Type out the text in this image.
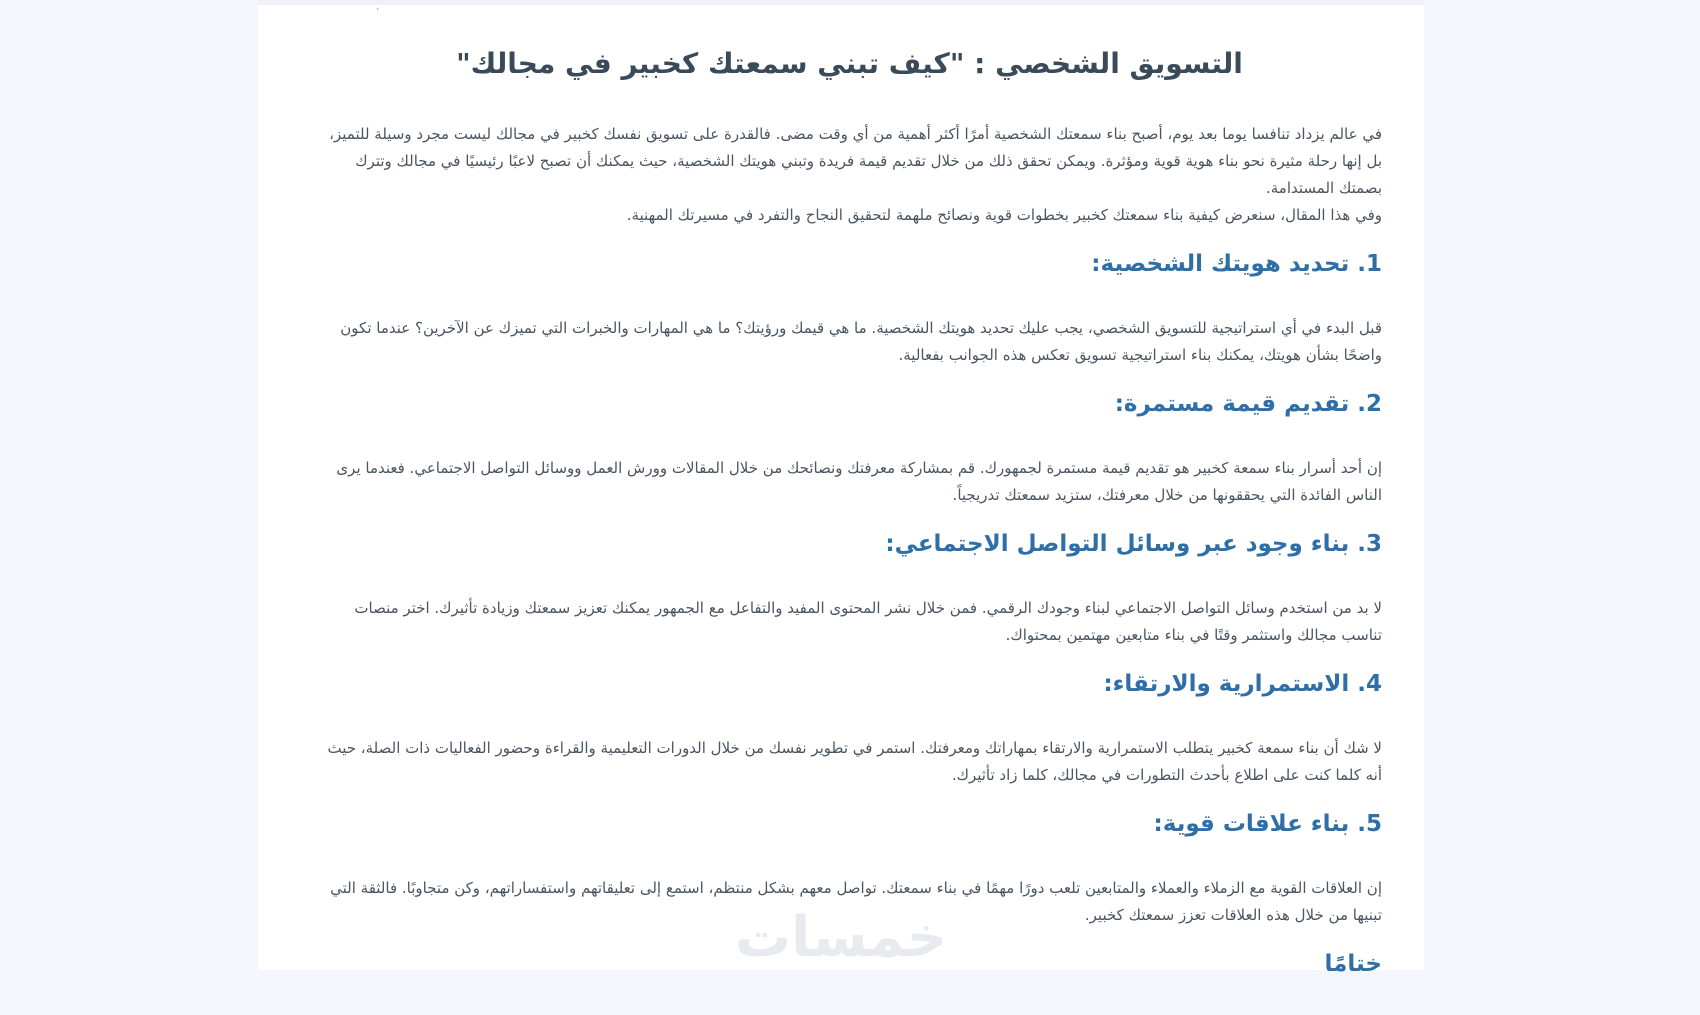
،
التسويق الشخصي : "كيف تبني سمعتك كخبير في مجالك"

في عالم يزداد تنافسا يوما بعد يوم، أصبح بناء سمعتك الشخصية أمرًا أكثر أهمية من أي وقت مضى. فالقدرة على تسويق نفسك كخبير في مجالك ليست مجرد وسيلة للتميز، بل إنها رحلة مثيرة نحو بناء هوية قوية ومؤثرة. ويمكن تحقق ذلك من خلال تقديم قيمة فريدة وتبني هويتك الشخصية، حيث يمكنك أن تصبح لاعبًا رئيسيًا في مجالك وتترك بصمتك المستدامة.

وفي هذا المقال، سنعرض كيفية بناء سمعتك كخبير بخطوات قوية ونصائح ملهمة لتحقيق النجاح والتفرد في مسيرتك المهنية.

1. تحديد هويتك الشخصية:

قبل البدء في أي استراتيجية للتسويق الشخصي، يجب عليك تحديد هويتك الشخصية. ما هي قيمك ورؤيتك؟ ما هي المهارات والخبرات التي تميزك عن الآخرين؟ عندما تكون واضحًا بشأن هويتك، يمكنك بناء استراتيجية تسويق تعكس هذه الجوانب بفعالية.

2. تقديم قيمة مستمرة:

إن أحد أسرار بناء سمعة كخبير هو تقديم قيمة مستمرة لجمهورك. قم بمشاركة معرفتك ونصائحك من خلال المقالات وورش العمل ووسائل التواصل الاجتماعي. فعندما يرى الناس الفائدة التي يحققونها من خلال معرفتك، ستزيد سمعتك تدريجياً.

3. بناء وجود عبر وسائل التواصل الاجتماعي:

لا بد من استخدم وسائل التواصل الاجتماعي لبناء وجودك الرقمي. فمن خلال نشر المحتوى المفيد والتفاعل مع الجمهور يمكنك تعزيز سمعتك وزيادة تأثيرك. اختر منصات تناسب مجالك واستثمر وقتًا في بناء متابعين مهتمين بمحتواك.

4. الاستمرارية والارتقاء:

لا شك أن بناء سمعة كخبير يتطلب الاستمرارية والارتقاء بمهاراتك ومعرفتك. استمر في تطوير نفسك من خلال الدورات التعليمية والقراءة وحضور الفعاليات ذات الصلة، حيث أنه كلما كنت على اطلاع بأحدث التطورات في مجالك، كلما زاد تأثيرك.

5. بناء علاقات قوية:

إن العلاقات القوية مع الزملاء والعملاء والمتابعين تلعب دورًا مهمًا في بناء سمعتك. تواصل معهم بشكل منتظم، استمع إلى تعليقاتهم واستفساراتهم، وكن متجاوبًا. فالثقة التي تبنيها من خلال هذه العلاقات تعزز سمعتك كخبير.

ختامًا
خمسات
